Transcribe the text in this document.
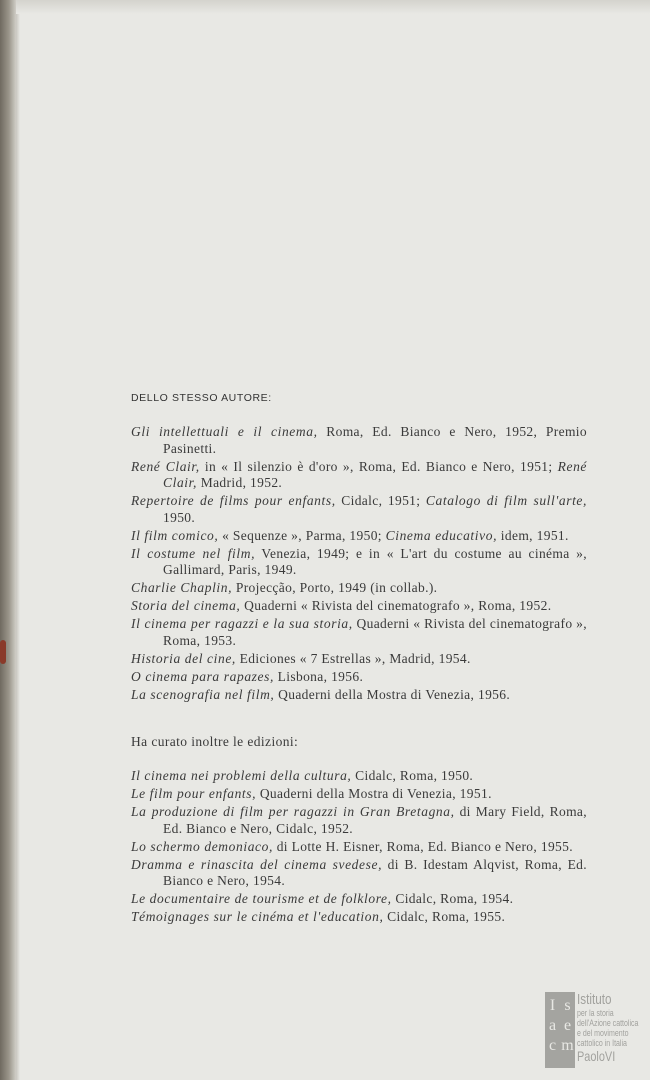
DELLO STESSO AUTORE:
Gli intellettuali e il cinema, Roma, Ed. Bianco e Nero, 1952, Premio Pasinetti.
René Clair, in « Il silenzio è d'oro », Roma, Ed. Bianco e Nero, 1951; René Clair, Madrid, 1952.
Repertoire de films pour enfants, Cidalc, 1951; Catalogo di film sull'arte, 1950.
Il film comico, « Sequenze », Parma, 1950; Cinema educativo, idem, 1951.
Il costume nel film, Venezia, 1949; e in « L'art du costume au cinéma », Gallimard, Paris, 1949.
Charlie Chaplin, Projecção, Porto, 1949 (in collab.).
Storia del cinema, Quaderni « Rivista del cinematografo », Roma, 1952.
Il cinema per ragazzi e la sua storia, Quaderni « Rivista del cinematografo », Roma, 1953.
Historia del cine, Ediciones « 7 Estrellas », Madrid, 1954.
O cinema para rapazes, Lisbona, 1956.
La scenografia nel film, Quaderni della Mostra di Venezia, 1956.
Ha curato inoltre le edizioni:
Il cinema nei problemi della cultura, Cidalc, Roma, 1950.
Le film pour enfants, Quaderni della Mostra di Venezia, 1951.
La produzione di film per ragazzi in Gran Bretagna, di Mary Field, Roma, Ed. Bianco e Nero, Cidalc, 1952.
Lo schermo demoniaco, di Lotte H. Eisner, Roma, Ed. Bianco e Nero, 1955.
Dramma e rinascita del cinema svedese, di B. Idestam Alqvist, Roma, Ed. Bianco e Nero, 1954.
Le documentaire de tourisme et de folklore, Cidalc, Roma, 1954.
Témoignages sur le cinéma et l'education, Cidalc, Roma, 1955.
I s
a e
c m
Istituto
per la storia
dell'Azione cattolica
e del movimento
cattolico in Italia
PaoloVI
